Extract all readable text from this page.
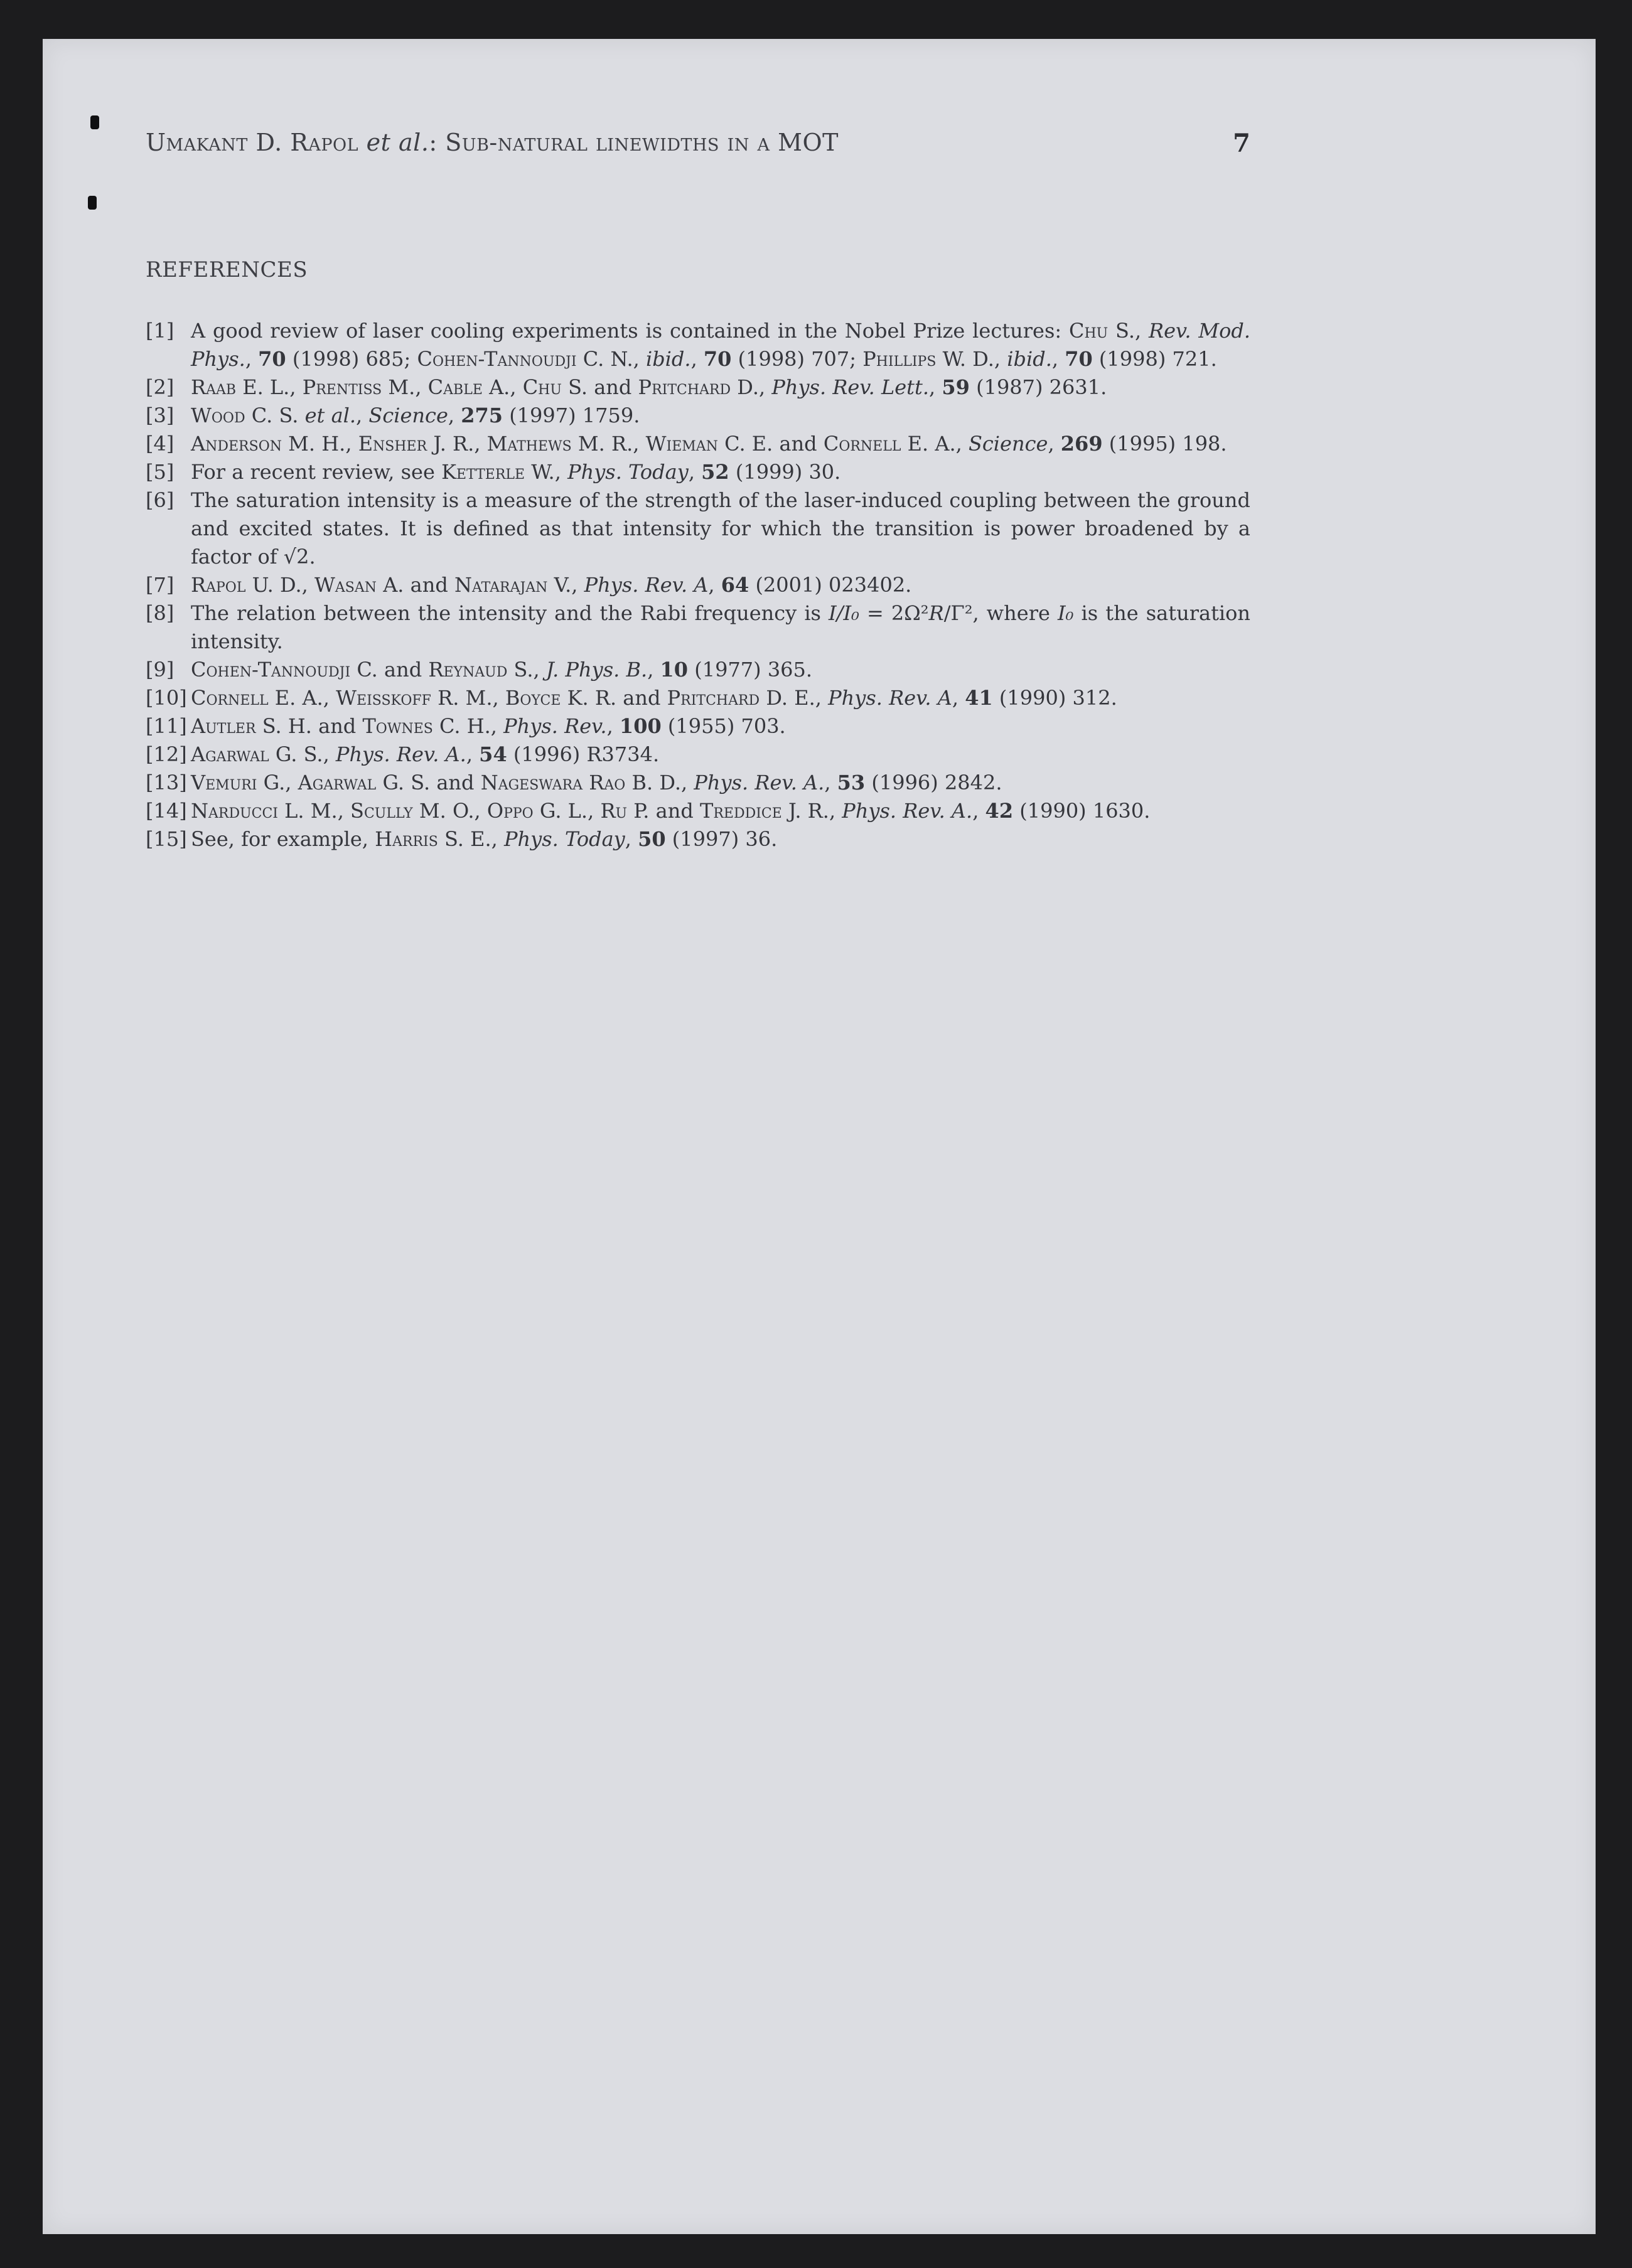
Umakant D. Rapol et al.: Sub-natural linewidths in a MOT	7
REFERENCES
[1] A good review of laser cooling experiments is contained in the Nobel Prize lectures: Chu S., Rev. Mod. Phys., 70 (1998) 685; Cohen-Tannoudji C. N., ibid., 70 (1998) 707; Phillips W. D., ibid., 70 (1998) 721.
[2] Raab E. L., Prentiss M., Cable A., Chu S. and Pritchard D., Phys. Rev. Lett., 59 (1987) 2631.
[3] Wood C. S. et al., Science, 275 (1997) 1759.
[4] Anderson M. H., Ensher J. R., Mathews M. R., Wieman C. E. and Cornell E. A., Science, 269 (1995) 198.
[5] For a recent review, see Ketterle W., Phys. Today, 52 (1999) 30.
[6] The saturation intensity is a measure of the strength of the laser-induced coupling between the ground and excited states. It is defined as that intensity for which the transition is power broadened by a factor of √2.
[7] Rapol U. D., Wasan A. and Natarajan V., Phys. Rev. A, 64 (2001) 023402.
[8] The relation between the intensity and the Rabi frequency is I/I₀ = 2Ω²R/Γ², where I₀ is the saturation intensity.
[9] Cohen-Tannoudji C. and Reynaud S., J. Phys. B., 10 (1977) 365.
[10] Cornell E. A., Weisskoff R. M., Boyce K. R. and Pritchard D. E., Phys. Rev. A, 41 (1990) 312.
[11] Autler S. H. and Townes C. H., Phys. Rev., 100 (1955) 703.
[12] Agarwal G. S., Phys. Rev. A., 54 (1996) R3734.
[13] Vemuri G., Agarwal G. S. and Nageswara Rao B. D., Phys. Rev. A., 53 (1996) 2842.
[14] Narducci L. M., Scully M. O., Oppo G. L., Ru P. and Treddice J. R., Phys. Rev. A., 42 (1990) 1630.
[15] See, for example, Harris S. E., Phys. Today, 50 (1997) 36.
